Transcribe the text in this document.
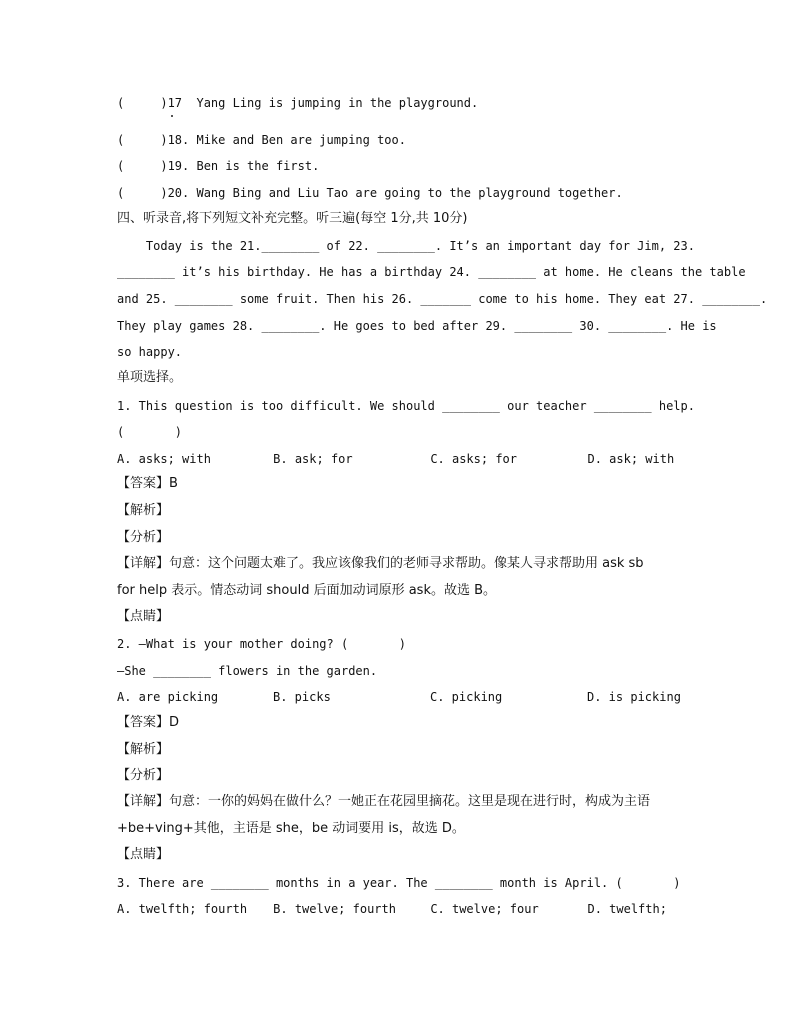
(     )17  Yang Ling is jumping in the playground.
(     )18. Mike and Ben are jumping too.
(     )19. Ben is the first.
(     )20. Wang Bing and Liu Tao are going to the playground together.
四、听录音,将下列短文补充完整。听三遍(每空 1分,共 10分)
Today is the 21.________ of 22. ________. It’s an important day for Jim, 23.
________ it’s his birthday. He has a birthday 24. ________ at home. He cleans the table
and 25. ________ some fruit. Then his 26. _______ come to his home. They eat 27. ________.
They play games 28. ________. He goes to bed after 29. ________ 30. ________. He is
so happy.
单项选择。
1. This question is too difficult. We should ________ our teacher ________ help.
(       )
A. asks; with	B. ask; for	C. asks; for	D. ask; with
【答案】B
【解析】
【分析】
【详解】句意：这个问题太难了。我应该像我们的老师寻求帮助。像某人寻求帮助用 ask sb
for help 表示。情态动词 should 后面加动词原形 ask。故选 B。
【点睛】
2. —What is your mother doing? (       )
—She ________ flowers in the garden.
A. are picking	B. picks	C. picking	D. is picking
【答案】D
【解析】
【分析】
【详解】句意：一你的妈妈在做什么？一她正在花园里摘花。这里是现在进行时，构成为主语
+be+ving+其他，主语是 she，be 动词要用 is，故选 D。
【点睛】
3. There are ________ months in a year. The ________ month is April. (       )
A. twelfth; fourth	B. twelve; fourth	C. twelve; four	D. twelfth;
